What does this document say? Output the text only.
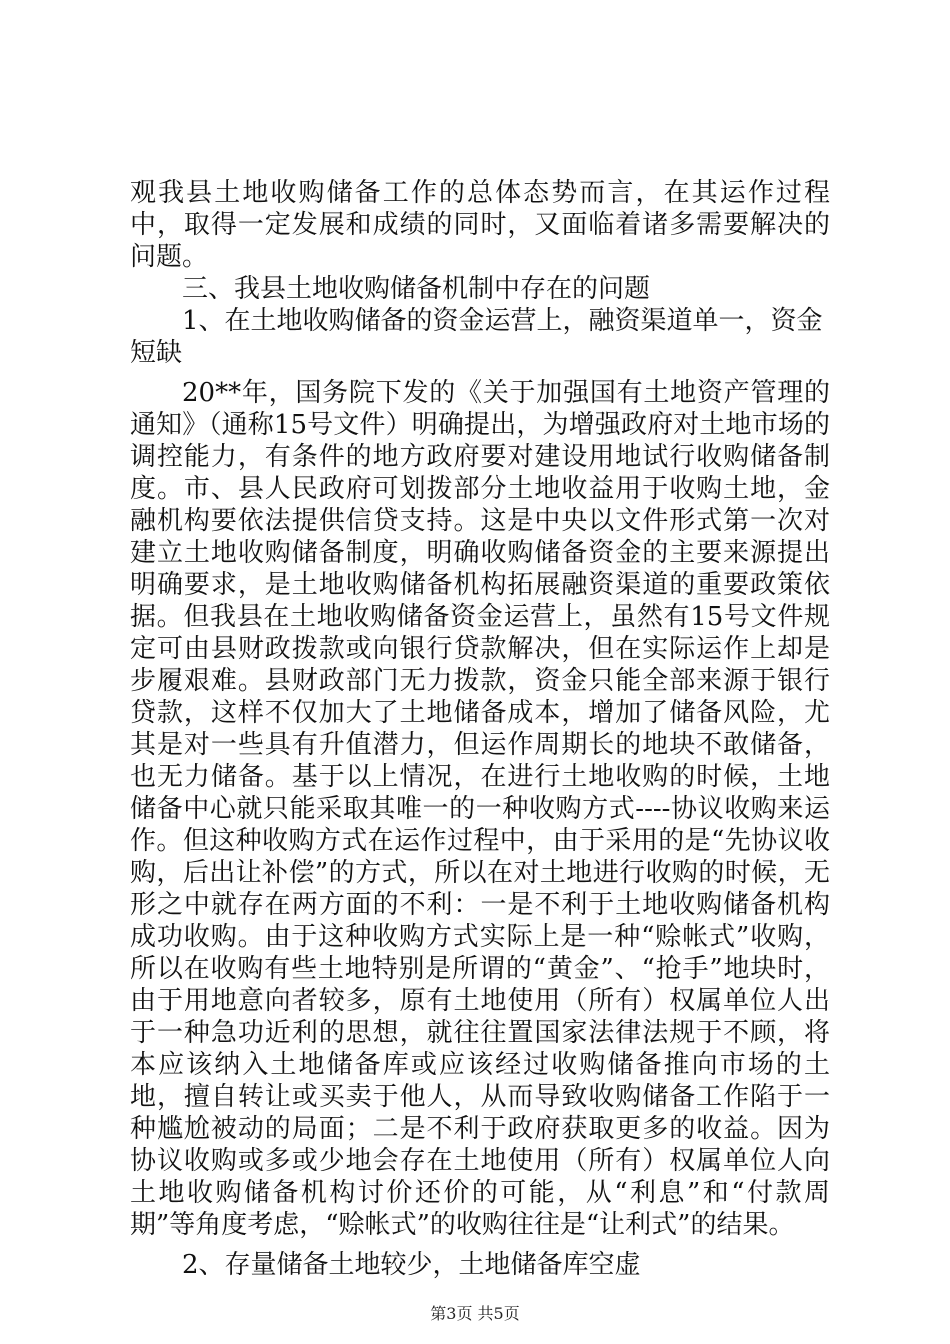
观我县土地收购储备工作的总体态势而言，在其运作过程中，取得一定发展和成绩的同时，又面临着诸多需要解决的问题。

三、我县土地收购储备机制中存在的问题

1、在土地收购储备的资金运营上，融资渠道单一，资金短缺

20**年，国务院下发的《关于加强国有土地资产管理的通知》（通称15号文件）明确提出，为增强政府对土地市场的调控能力，有条件的地方政府要对建设用地试行收购储备制度。市、县人民政府可划拨部分土地收益用于收购土地，金融机构要依法提供信贷支持。这是中央以文件形式第一次对建立土地收购储备制度，明确收购储备资金的主要来源提出明确要求，是土地收购储备机构拓展融资渠道的重要政策依据。但我县在土地收购储备资金运营上，虽然有15号文件规定可由县财政拨款或向银行贷款解决，但在实际运作上却是步履艰难。县财政部门无力拨款，资金只能全部来源于银行贷款，这样不仅加大了土地储备成本，增加了储备风险，尤其是对一些具有升值潜力，但运作周期长的地块不敢储备，也无力储备。基于以上情况，在进行土地收购的时候，土地储备中心就只能采取其唯一的一种收购方式----协议收购来运作。但这种收购方式在运作过程中，由于采用的是“先协议收购，后出让补偿”的方式，所以在对土地进行收购的时候，无形之中就存在两方面的不利：一是不利于土地收购储备机构成功收购。由于这种收购方式实际上是一种“赊帐式”收购，所以在收购有些土地特别是所谓的“黄金”、“抢手”地块时，由于用地意向者较多，原有土地使用（所有）权属单位人出于一种急功近利的思想，就往往置国家法律法规于不顾，将本应该纳入土地储备库或应该经过收购储备推向市场的土地，擅自转让或买卖于他人，从而导致收购储备工作陷于一种尴尬被动的局面；二是不利于政府获取更多的收益。因为协议收购或多或少地会存在土地使用（所有）权属单位人向土地收购储备机构讨价还价的可能，从“利息”和“付款周期”等角度考虑，“赊帐式”的收购往往是“让利式”的结果。

2、存量储备土地较少，土地储备库空虚

第3页 共5页
